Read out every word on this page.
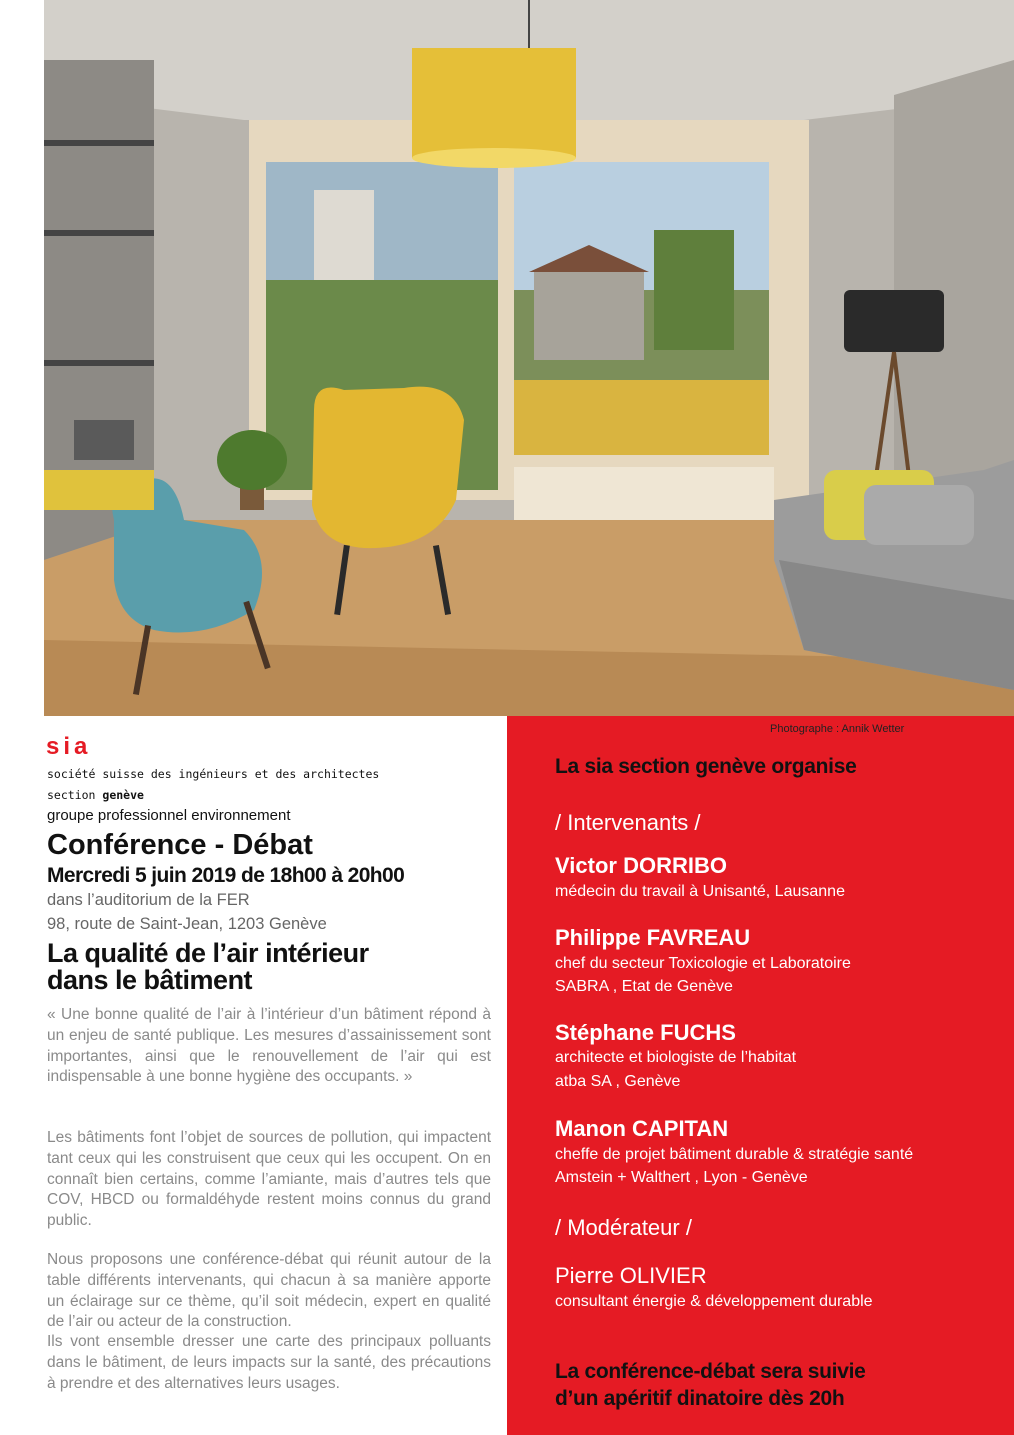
Photographe : Annik Wetter
La sia section genève organise
/ Intervenants /
Victor DORRIBO
médecin du travail à Unisanté, Lausanne
Philippe FAVREAU
chef du secteur Toxicologie et Laboratoire
SABRA , Etat de Genève
Stéphane FUCHS
architecte et biologiste de l’habitat
atba SA , Genève
Manon CAPITAN
cheffe de projet bâtiment durable & stratégie santé
Amstein + Walthert , Lyon - Genève
/ Modérateur /
Pierre OLIVIER
consultant énergie & développement durable
La conférence-débat sera suivie
d’un apéritif dinatoire dès 20h
sia
société suisse des ingénieurs et des architectes
section genève
groupe professionnel environnement
Conférence - Débat
Mercredi 5 juin 2019 de 18h00 à 20h00
dans l’auditorium de la FER
98, route de Saint-Jean, 1203 Genève
La qualité de l’air intérieur
dans le bâtiment
« Une bonne qualité de l’air à l’intérieur d’un bâtiment répond à un enjeu de santé publique. Les mesures d’assainissement sont importantes, ainsi que le renouvellement de l’air qui est indispensable à une bonne hygiène des occupants. »
Les bâtiments font l’objet de sources de pollution, qui impactent tant ceux qui les construisent que ceux qui les occupent. On en connaît bien certains, comme l’amiante, mais d’autres tels que COV, HBCD ou formaldéhyde restent moins connus du grand public.
Nous proposons une conférence-débat qui réunit autour de la table différents intervenants, qui chacun à sa manière apporte un éclairage sur ce thème, qu’il soit médecin, expert en qualité de l’air ou acteur de la construction.
Ils vont ensemble dresser une carte des principaux polluants dans le bâtiment, de leurs impacts sur la santé, des précautions à prendre et des alternatives leurs usages.
